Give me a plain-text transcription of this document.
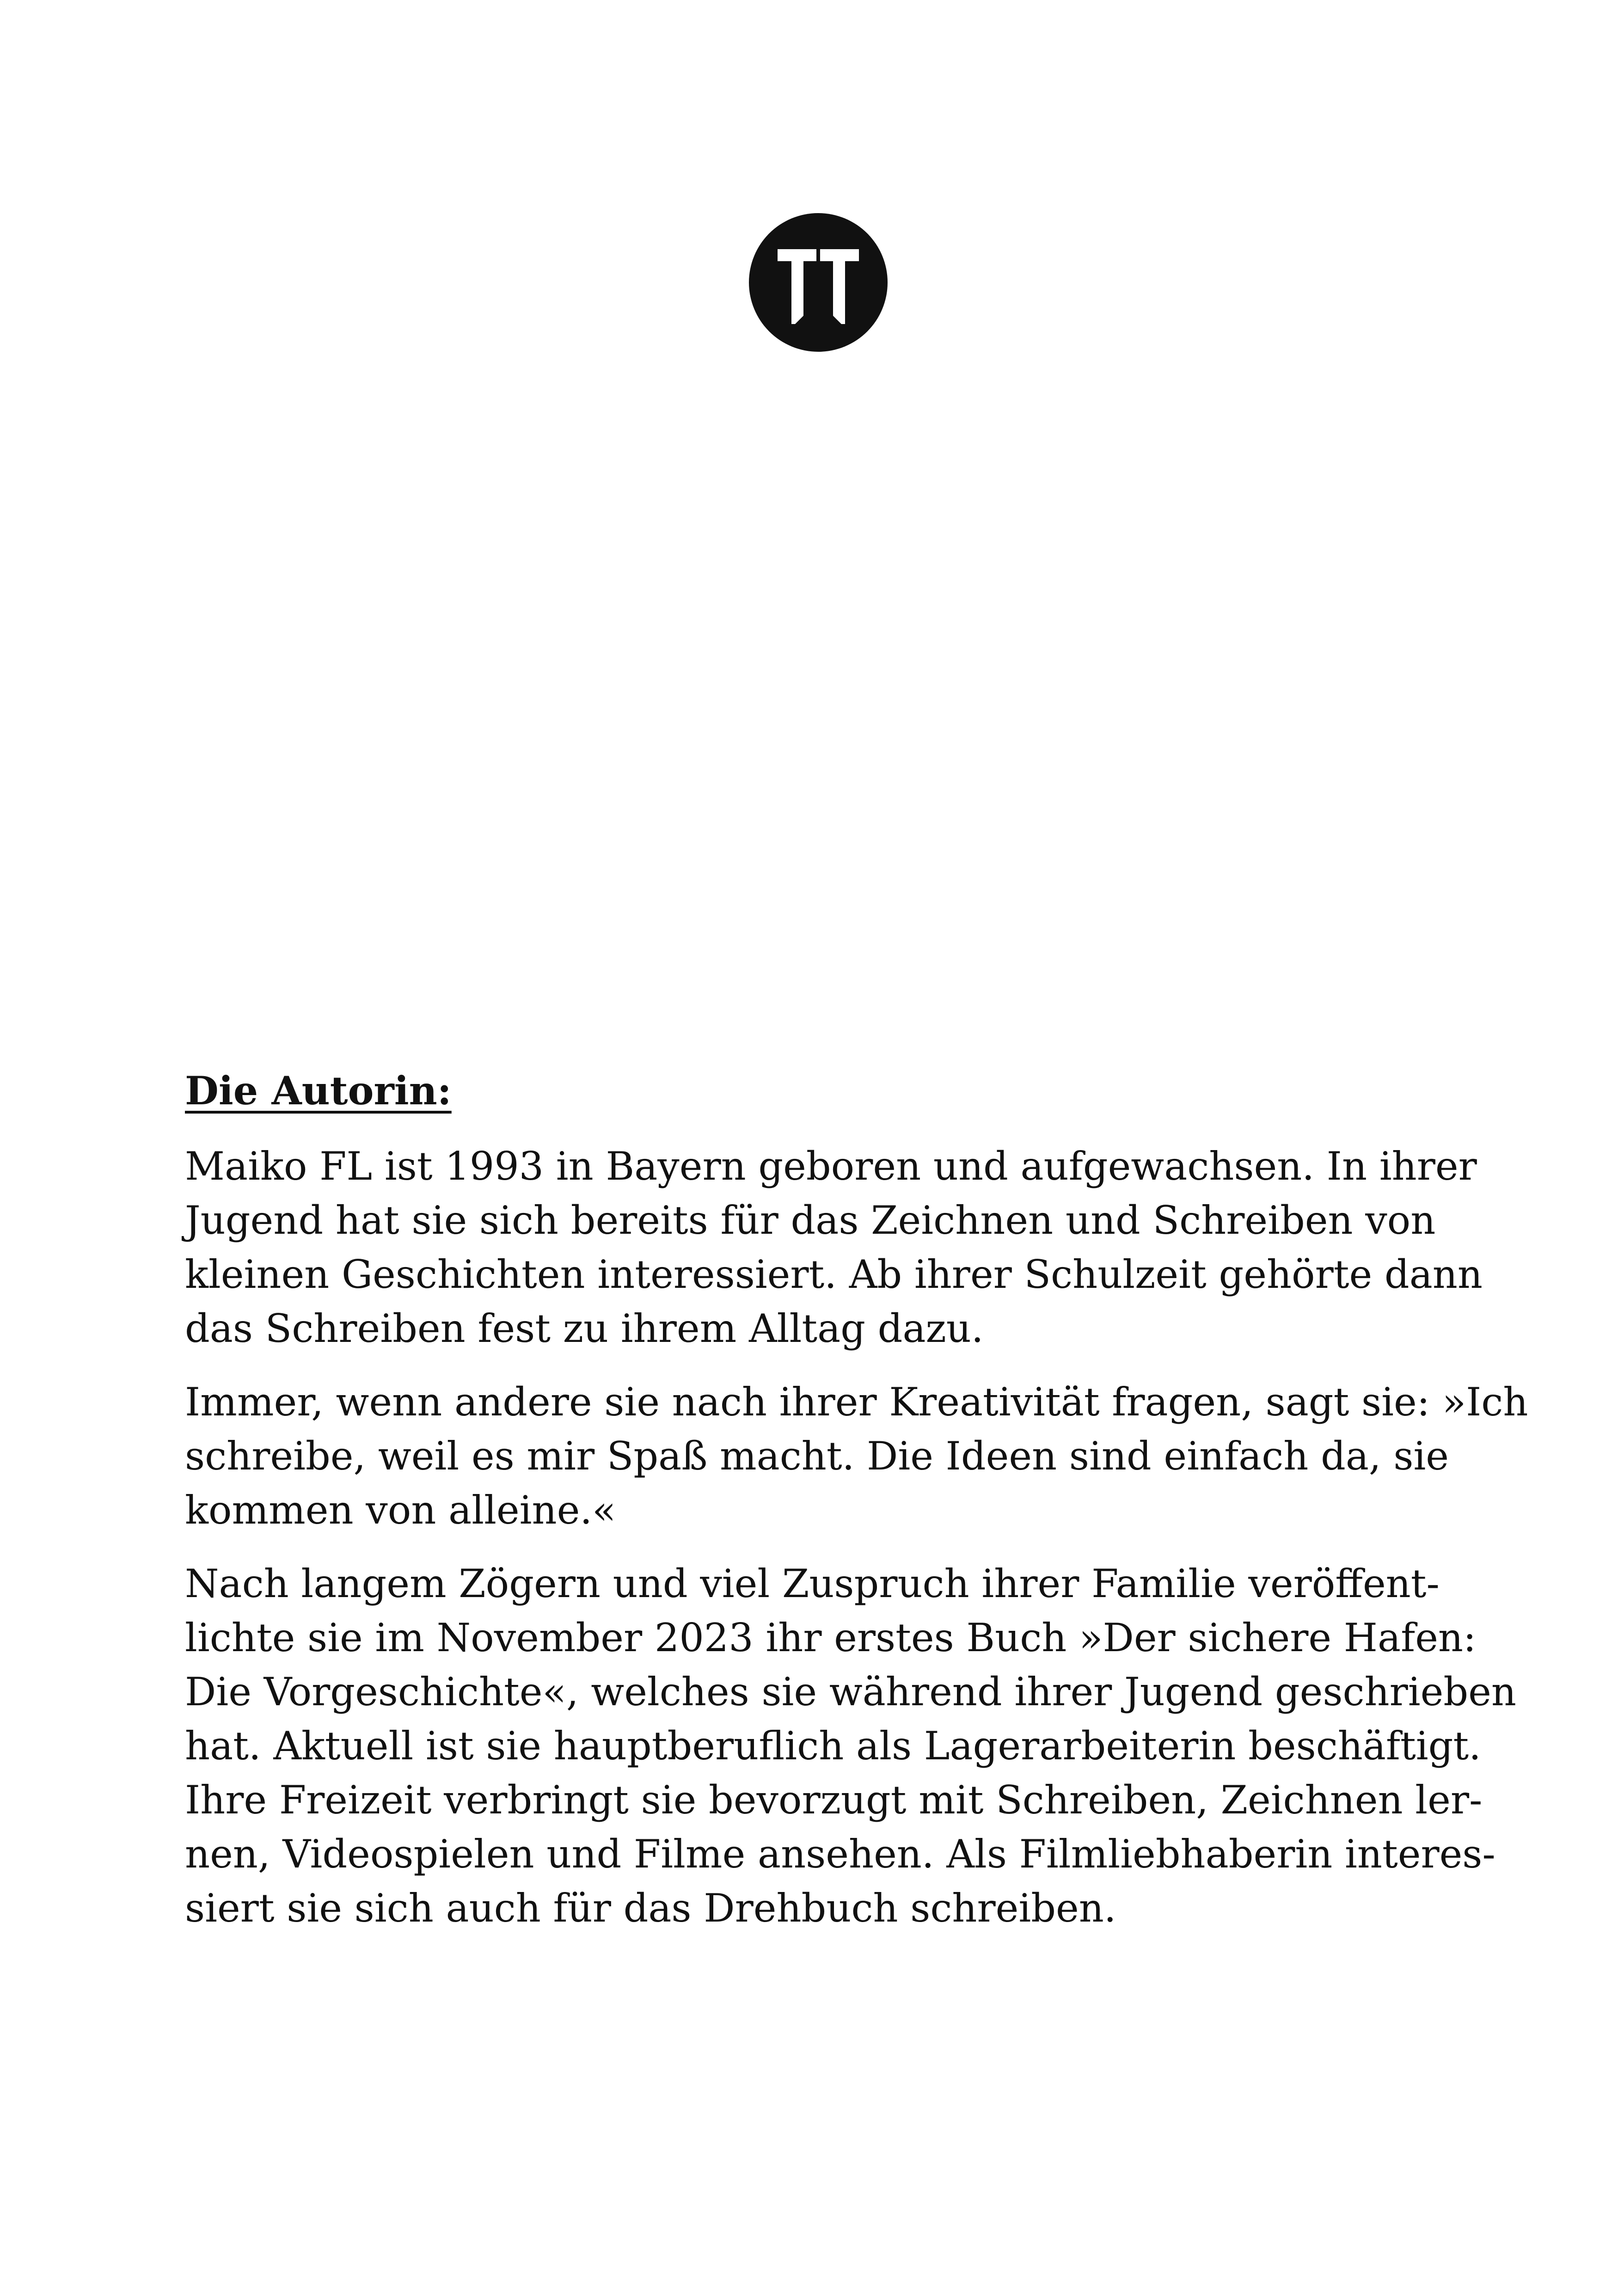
Die Autorin:
Maiko FL ist 1993 in Bayern geboren und aufgewachsen. In ihrer
Jugend hat sie sich bereits für das Zeichnen und Schreiben von
kleinen Geschichten interessiert. Ab ihrer Schulzeit gehörte dann
das Schreiben fest zu ihrem Alltag dazu.
Immer, wenn andere sie nach ihrer Kreativität fragen, sagt sie: »Ich
schreibe, weil es mir Spaß macht. Die Ideen sind einfach da, sie
kommen von alleine.«
Nach langem Zögern und viel Zuspruch ihrer Familie veröffent-
lichte sie im November 2023 ihr erstes Buch »Der sichere Hafen:
Die Vorgeschichte«, welches sie während ihrer Jugend geschrieben
hat. Aktuell ist sie hauptberuflich als Lagerarbeiterin beschäftigt.
Ihre Freizeit verbringt sie bevorzugt mit Schreiben, Zeichnen ler-
nen, Videospielen und Filme ansehen. Als Filmliebhaberin interes-
siert sie sich auch für das Drehbuch schreiben.
